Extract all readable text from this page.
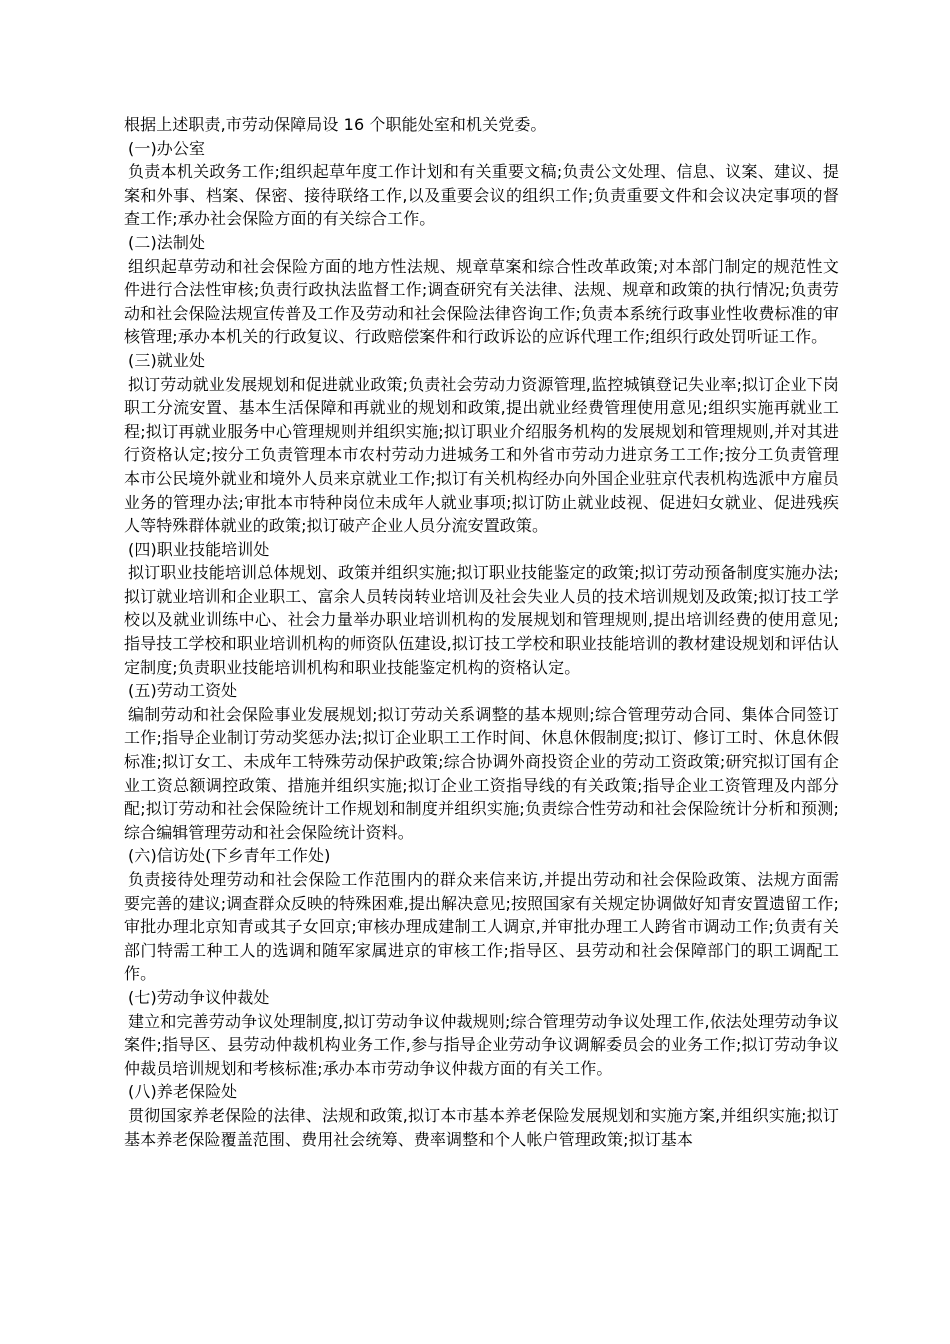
根据上述职责,市劳动保障局设 16 个职能处室和机关党委。

(一)办公室

负责本机关政务工作;组织起草年度工作计划和有关重要文稿;负责公文处理、信息、议案、建议、提案和外事、档案、保密、接待联络工作,以及重要会议的组织工作;负责重要文件和会议决定事项的督查工作;承办社会保险方面的有关综合工作。

(二)法制处

组织起草劳动和社会保险方面的地方性法规、规章草案和综合性改革政策;对本部门制定的规范性文件进行合法性审核;负责行政执法监督工作;调查研究有关法律、法规、规章和政策的执行情况;负责劳动和社会保险法规宣传普及工作及劳动和社会保险法律咨询工作;负责本系统行政事业性收费标准的审核管理;承办本机关的行政复议、行政赔偿案件和行政诉讼的应诉代理工作;组织行政处罚听证工作。

(三)就业处

拟订劳动就业发展规划和促进就业政策;负责社会劳动力资源管理,监控城镇登记失业率;拟订企业下岗职工分流安置、基本生活保障和再就业的规划和政策,提出就业经费管理使用意见;组织实施再就业工程;拟订再就业服务中心管理规则并组织实施;拟订职业介绍服务机构的发展规划和管理规则,并对其进行资格认定;按分工负责管理本市农村劳动力进城务工和外省市劳动力进京务工工作;按分工负责管理本市公民境外就业和境外人员来京就业工作;拟订有关机构经办向外国企业驻京代表机构选派中方雇员业务的管理办法;审批本市特种岗位未成年人就业事项;拟订防止就业歧视、促进妇女就业、促进残疾人等特殊群体就业的政策;拟订破产企业人员分流安置政策。

(四)职业技能培训处

拟订职业技能培训总体规划、政策并组织实施;拟订职业技能鉴定的政策;拟订劳动预备制度实施办法;拟订就业培训和企业职工、富余人员转岗转业培训及社会失业人员的技术培训规划及政策;拟订技工学校以及就业训练中心、社会力量举办职业培训机构的发展规划和管理规则,提出培训经费的使用意见;指导技工学校和职业培训机构的师资队伍建设,拟订技工学校和职业技能培训的教材建设规划和评估认定制度;负责职业技能培训机构和职业技能鉴定机构的资格认定。

(五)劳动工资处

编制劳动和社会保险事业发展规划;拟订劳动关系调整的基本规则;综合管理劳动合同、集体合同签订工作;指导企业制订劳动奖惩办法;拟订企业职工工作时间、休息休假制度;拟订、修订工时、休息休假标准;拟订女工、未成年工特殊劳动保护政策;综合协调外商投资企业的劳动工资政策;研究拟订国有企业工资总额调控政策、措施并组织实施;拟订企业工资指导线的有关政策;指导企业工资管理及内部分配;拟订劳动和社会保险统计工作规划和制度并组织实施;负责综合性劳动和社会保险统计分析和预测;综合编辑管理劳动和社会保险统计资料。

(六)信访处(下乡青年工作处)

负责接待处理劳动和社会保险工作范围内的群众来信来访,并提出劳动和社会保险政策、法规方面需要完善的建议;调查群众反映的特殊困难,提出解决意见;按照国家有关规定协调做好知青安置遗留工作;审批办理北京知青或其子女回京;审核办理成建制工人调京,并审批办理工人跨省市调动工作;负责有关部门特需工种工人的选调和随军家属进京的审核工作;指导区、县劳动和社会保障部门的职工调配工作。

(七)劳动争议仲裁处

建立和完善劳动争议处理制度,拟订劳动争议仲裁规则;综合管理劳动争议处理工作,依法处理劳动争议案件;指导区、县劳动仲裁机构业务工作,参与指导企业劳动争议调解委员会的业务工作;拟订劳动争议仲裁员培训规划和考核标准;承办本市劳动争议仲裁方面的有关工作。

(八)养老保险处

贯彻国家养老保险的法律、法规和政策,拟订本市基本养老保险发展规划和实施方案,并组织实施;拟订基本养老保险覆盖范围、费用社会统筹、费率调整和个人帐户管理政策;拟订基本
